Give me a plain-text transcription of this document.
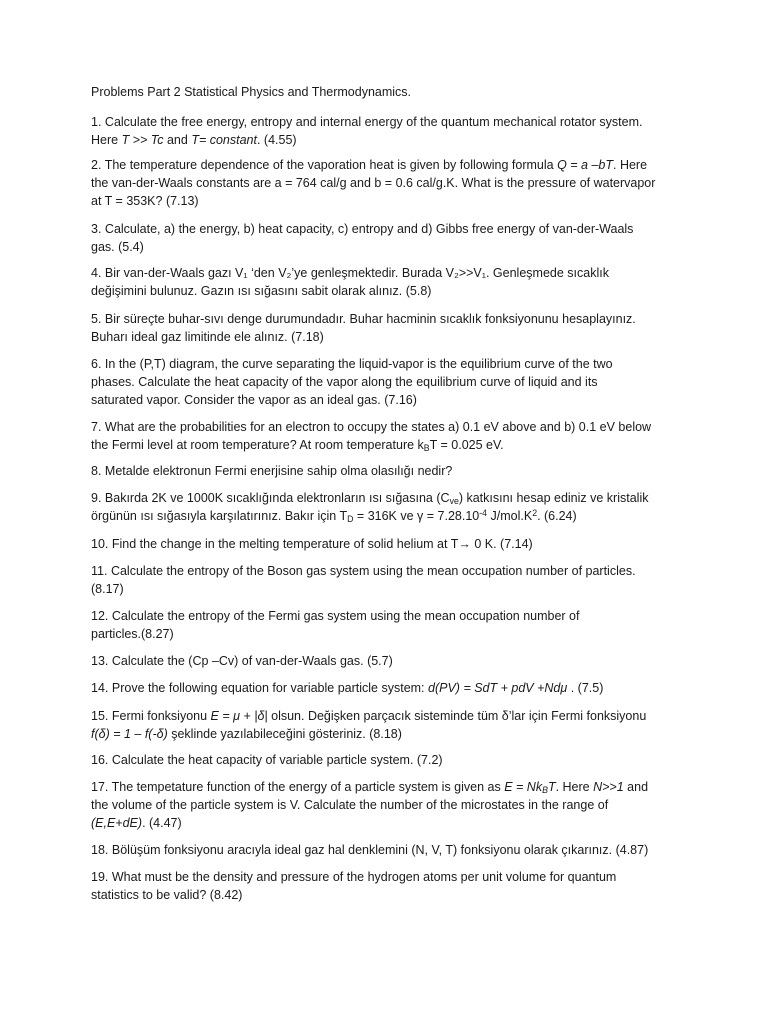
Problems Part 2 Statistical Physics and Thermodynamics.
1. Calculate the free energy, entropy and internal energy of the quantum mechanical rotator system.
Here T >> Tc and T= constant. (4.55)
2. The temperature dependence of the vaporation heat is given by following formula Q = a –bT. Here
the van-der-Waals constants are a = 764 cal/g and b = 0.6 cal/g.K. What is the pressure of watervapor
at T = 353K? (7.13)
3. Calculate, a) the energy, b) heat capacity, c) entropy and d) Gibbs free energy of van-der-Waals
gas. (5.4)
4. Bir van-der-Waals gazı V₁ ‘den V₂’ye genleşmektedir. Burada V₂>>V₁. Genleşmede sıcaklık
değişimini bulunuz. Gazın ısı sığasını sabit olarak alınız. (5.8)
5. Bir süreçte buhar-sıvı denge durumundadır. Buhar hacminin sıcaklık fonksiyonunu hesaplayınız.
Buharı ideal gaz limitinde ele alınız. (7.18)
6. In the (P,T) diagram, the curve separating the liquid-vapor is the equilibrium curve of the two
phases. Calculate the heat capacity of the vapor along the equilibrium curve of liquid and its
saturated vapor. Consider the vapor as an ideal gas. (7.16)
7. What are the probabilities for an electron to occupy the states a) 0.1 eV above and b) 0.1 eV below
the Fermi level at room temperature? At room temperature $k_BT = 0.025$ eV.
8. Metalde elektronun Fermi enerjisine sahip olma olasılığı nedir?
9. Bakırda 2K ve 1000K sıcaklığında elektronların ısı sığasına $(C_{ve})$ katkısını hesap ediniz ve kristalik
örgünün ısı sığasıyla karşılatırınız. Bakır için $T_D = 316K$ ve $\gamma = 7.28.10^{-4}$ $J/mol.K^2$. (6.24)
10. Find the change in the melting temperature of solid helium at T→ 0 K. (7.14)
11. Calculate the entropy of the Boson gas system using the mean occupation number of particles.
(8.17)
12. Calculate the entropy of the Fermi gas system using the mean occupation number of
particles.(8.27)
13. Calculate the (Cp –Cv) of van-der-Waals gas. (5.7)
14. Prove the following equation for variable particle system: d(PV) = SdT + pdV +Ndμ . (7.5)
15. Fermi fonksiyonu E = μ + |δ| olsun. Değişken parçacık sisteminde tüm δ’lar için Fermi fonksiyonu
f(δ) = 1 – f(-δ) şeklinde yazılabileceğini gösteriniz. (8.18)
16. Calculate the heat capacity of variable particle system. (7.2)
17. The tempetature function of the energy of a particle system is given as $E = Nk_BT$. Here N>>1 and
the volume of the particle system is V. Calculate the number of the microstates in the range of
(E,E+dE). (4.47)
18. Bölüşüm fonksiyonu aracıyla ideal gaz hal denklemini (N, V, T) fonksiyonu olarak çıkarınız. (4.87)
19. What must be the density and pressure of the hydrogen atoms per unit volume for quantum
statistics to be valid? (8.42)
